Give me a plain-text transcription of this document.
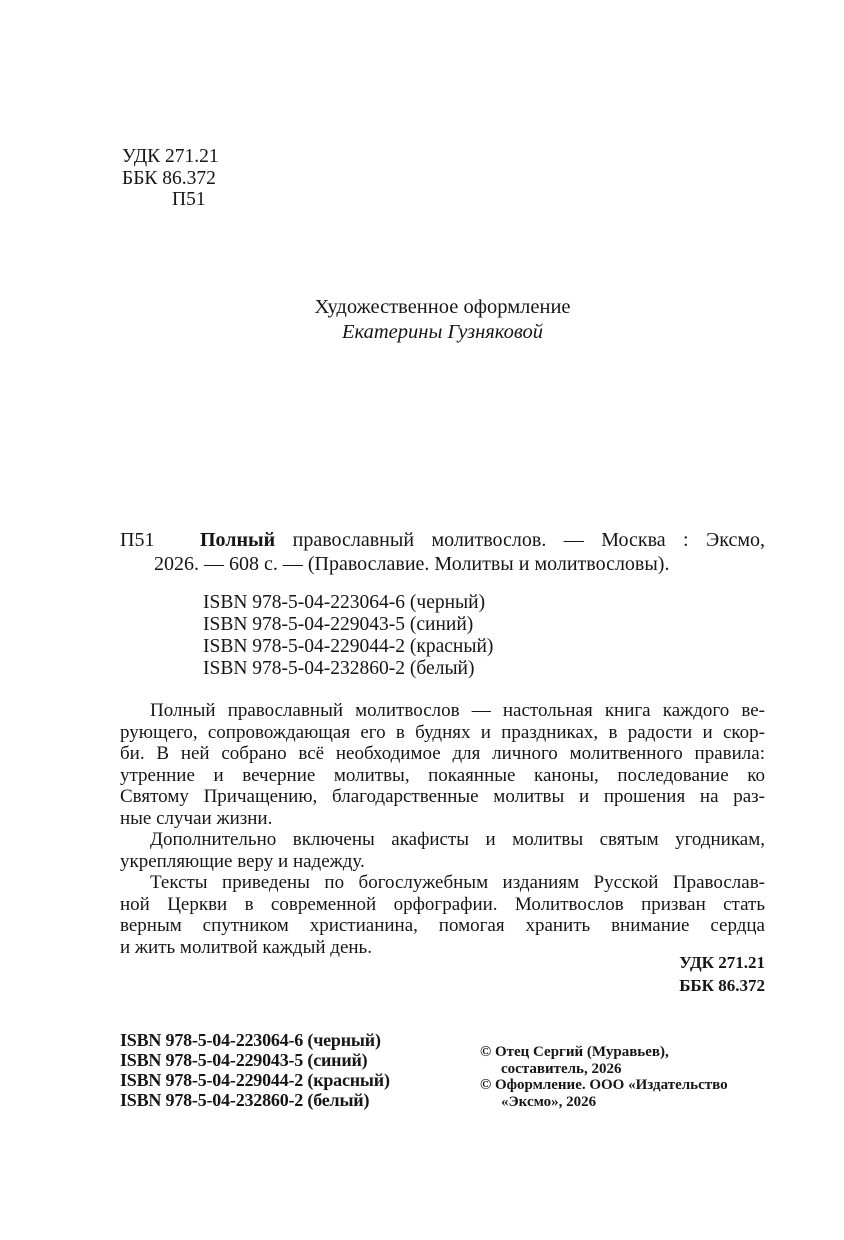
УДК 271.21
ББК 86.372
П51
Художественное оформление
Екатерины Гузняковой
П51	Полный православный молитвослов. — Москва : Эксмо,
2026. — 608 с. — (Православие. Молитвы и молитвословы).
ISBN 978-5-04-223064-6 (черный)
ISBN 978-5-04-229043-5 (синий)
ISBN 978-5-04-229044-2 (красный)
ISBN 978-5-04-232860-2 (белый)
Полный православный молитвослов — настольная книга каждого ве-
рующего, сопровождающая его в буднях и праздниках, в радости и скор-
би. В ней собрано всё необходимое для личного молитвенного правила:
утренние и вечерние молитвы, покаянные каноны, последование ко
Святому Причащению, благодарственные молитвы и прошения на раз-
ные случаи жизни.
Дополнительно включены акафисты и молитвы святым угодникам,
укрепляющие веру и надежду.
Тексты приведены по богослужебным изданиям Русской Православ-
ной Церкви в современной орфографии. Молитвослов призван стать
верным спутником христианина, помогая хранить внимание сердца
и жить молитвой каждый день.
УДК 271.21
ББК 86.372
ISBN 978-5-04-223064-6 (черный)
ISBN 978-5-04-229043-5 (синий)
ISBN 978-5-04-229044-2 (красный)
ISBN 978-5-04-232860-2 (белый)
© Отец Сергий (Муравьев),
составитель, 2026
© Оформление. ООО «Издательство
«Эксмо», 2026
